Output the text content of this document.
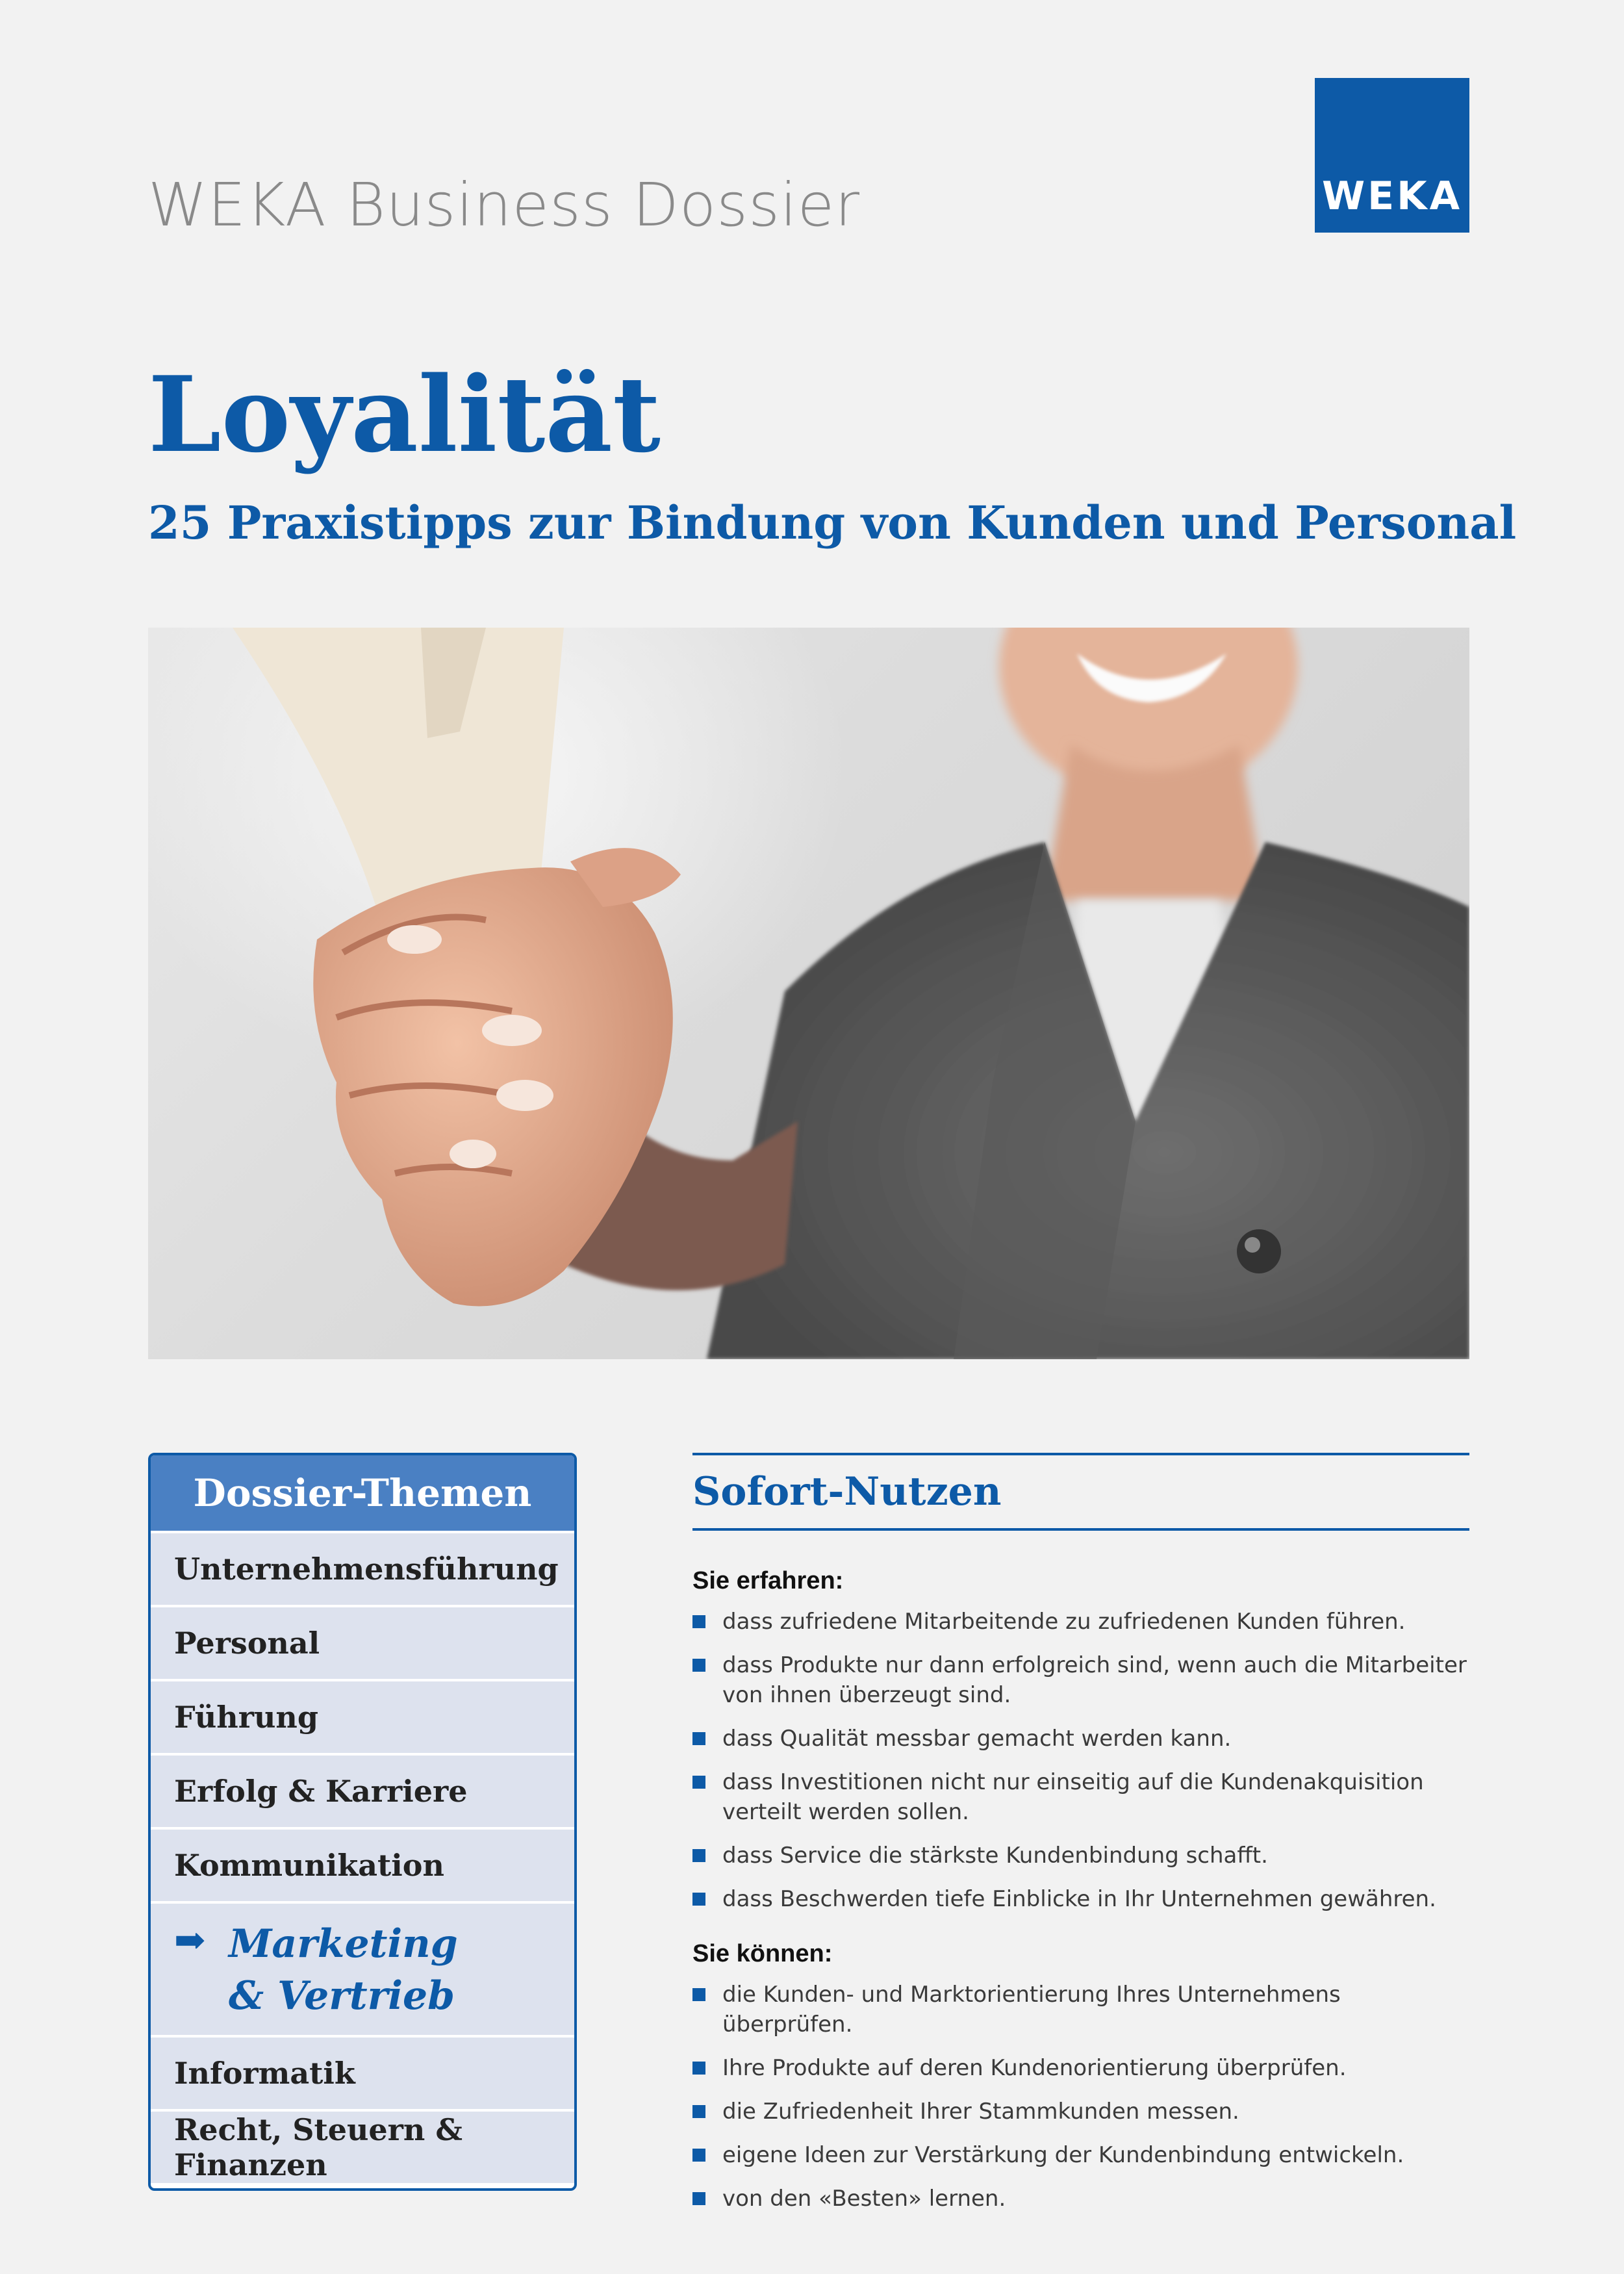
WEKA Business Dossier	WEKA
Loyalität
25 Praxistipps zur Bindung von Kunden und Personal
Dossier-Themen
Unternehmensführung
Personal
Führung
Erfolg & Karriere
Kommunikation
➡ Marketing
& Vertrieb
Informatik
Recht, Steuern & Finanzen
Sofort-Nutzen
Sie erfahren:
dass zufriedene Mitarbeitende zu zufriedenen Kunden führen.
dass Produkte nur dann erfolgreich sind, wenn auch die Mitarbeiter von ihnen überzeugt sind.
dass Qualität messbar gemacht werden kann.
dass Investitionen nicht nur einseitig auf die Kundenakquisition verteilt werden sollen.
dass Service die stärkste Kundenbindung schafft.
dass Beschwerden tiefe Einblicke in Ihr Unternehmen gewähren.
Sie können:
die Kunden- und Marktorientierung Ihres Unternehmens überprüfen.
Ihre Produkte auf deren Kundenorientierung überprüfen.
die Zufriedenheit Ihrer Stammkunden messen.
eigene Ideen zur Verstärkung der Kundenbindung entwickeln.
von den «Besten» lernen.
